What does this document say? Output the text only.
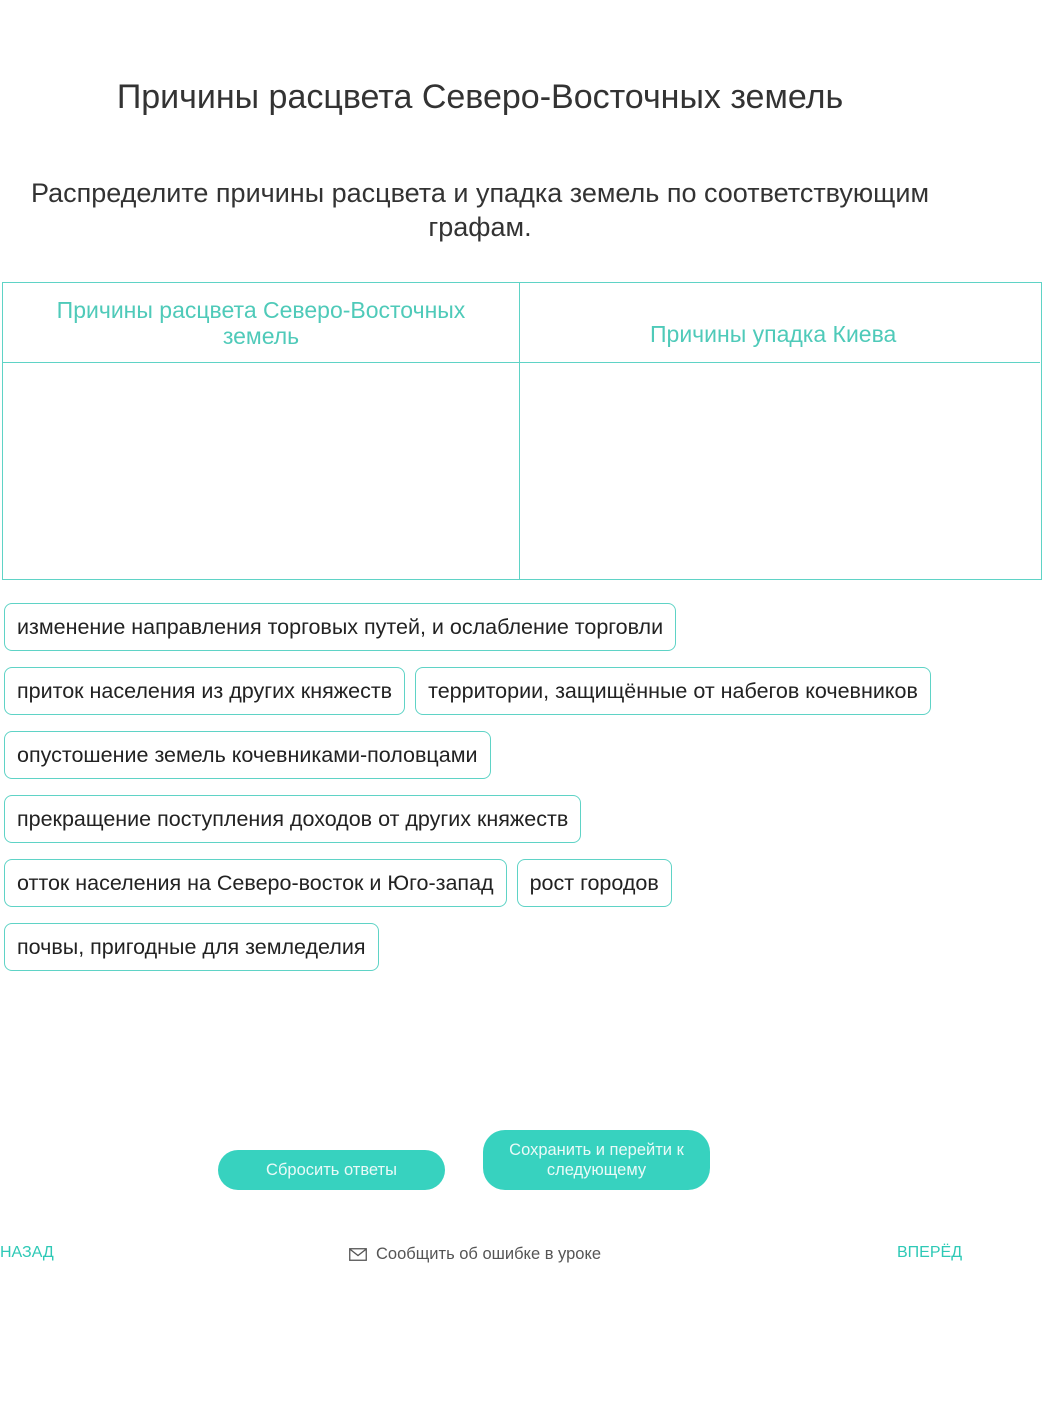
Причины расцвета Северо-Восточных земель
Распределите причины расцвета и упадка земель по соответствующим
графам.
Причины расцвета Северо-Восточных
земель	Причины упадка Киева
изменение направления торговых путей, и ослабление торговли
приток населения из других княжеств	территории, защищённые от набегов кочевников
опустошение земель кочевниками-половцами
прекращение поступления доходов от других княжеств
отток населения на Северо-восток и Юго-запад	рост городов
почвы, пригодные для земледелия
Сбросить ответы
Сохранить и перейти к
следующему
НАЗАД	Сообщить об ошибке в уроке	ВПЕРЁД
